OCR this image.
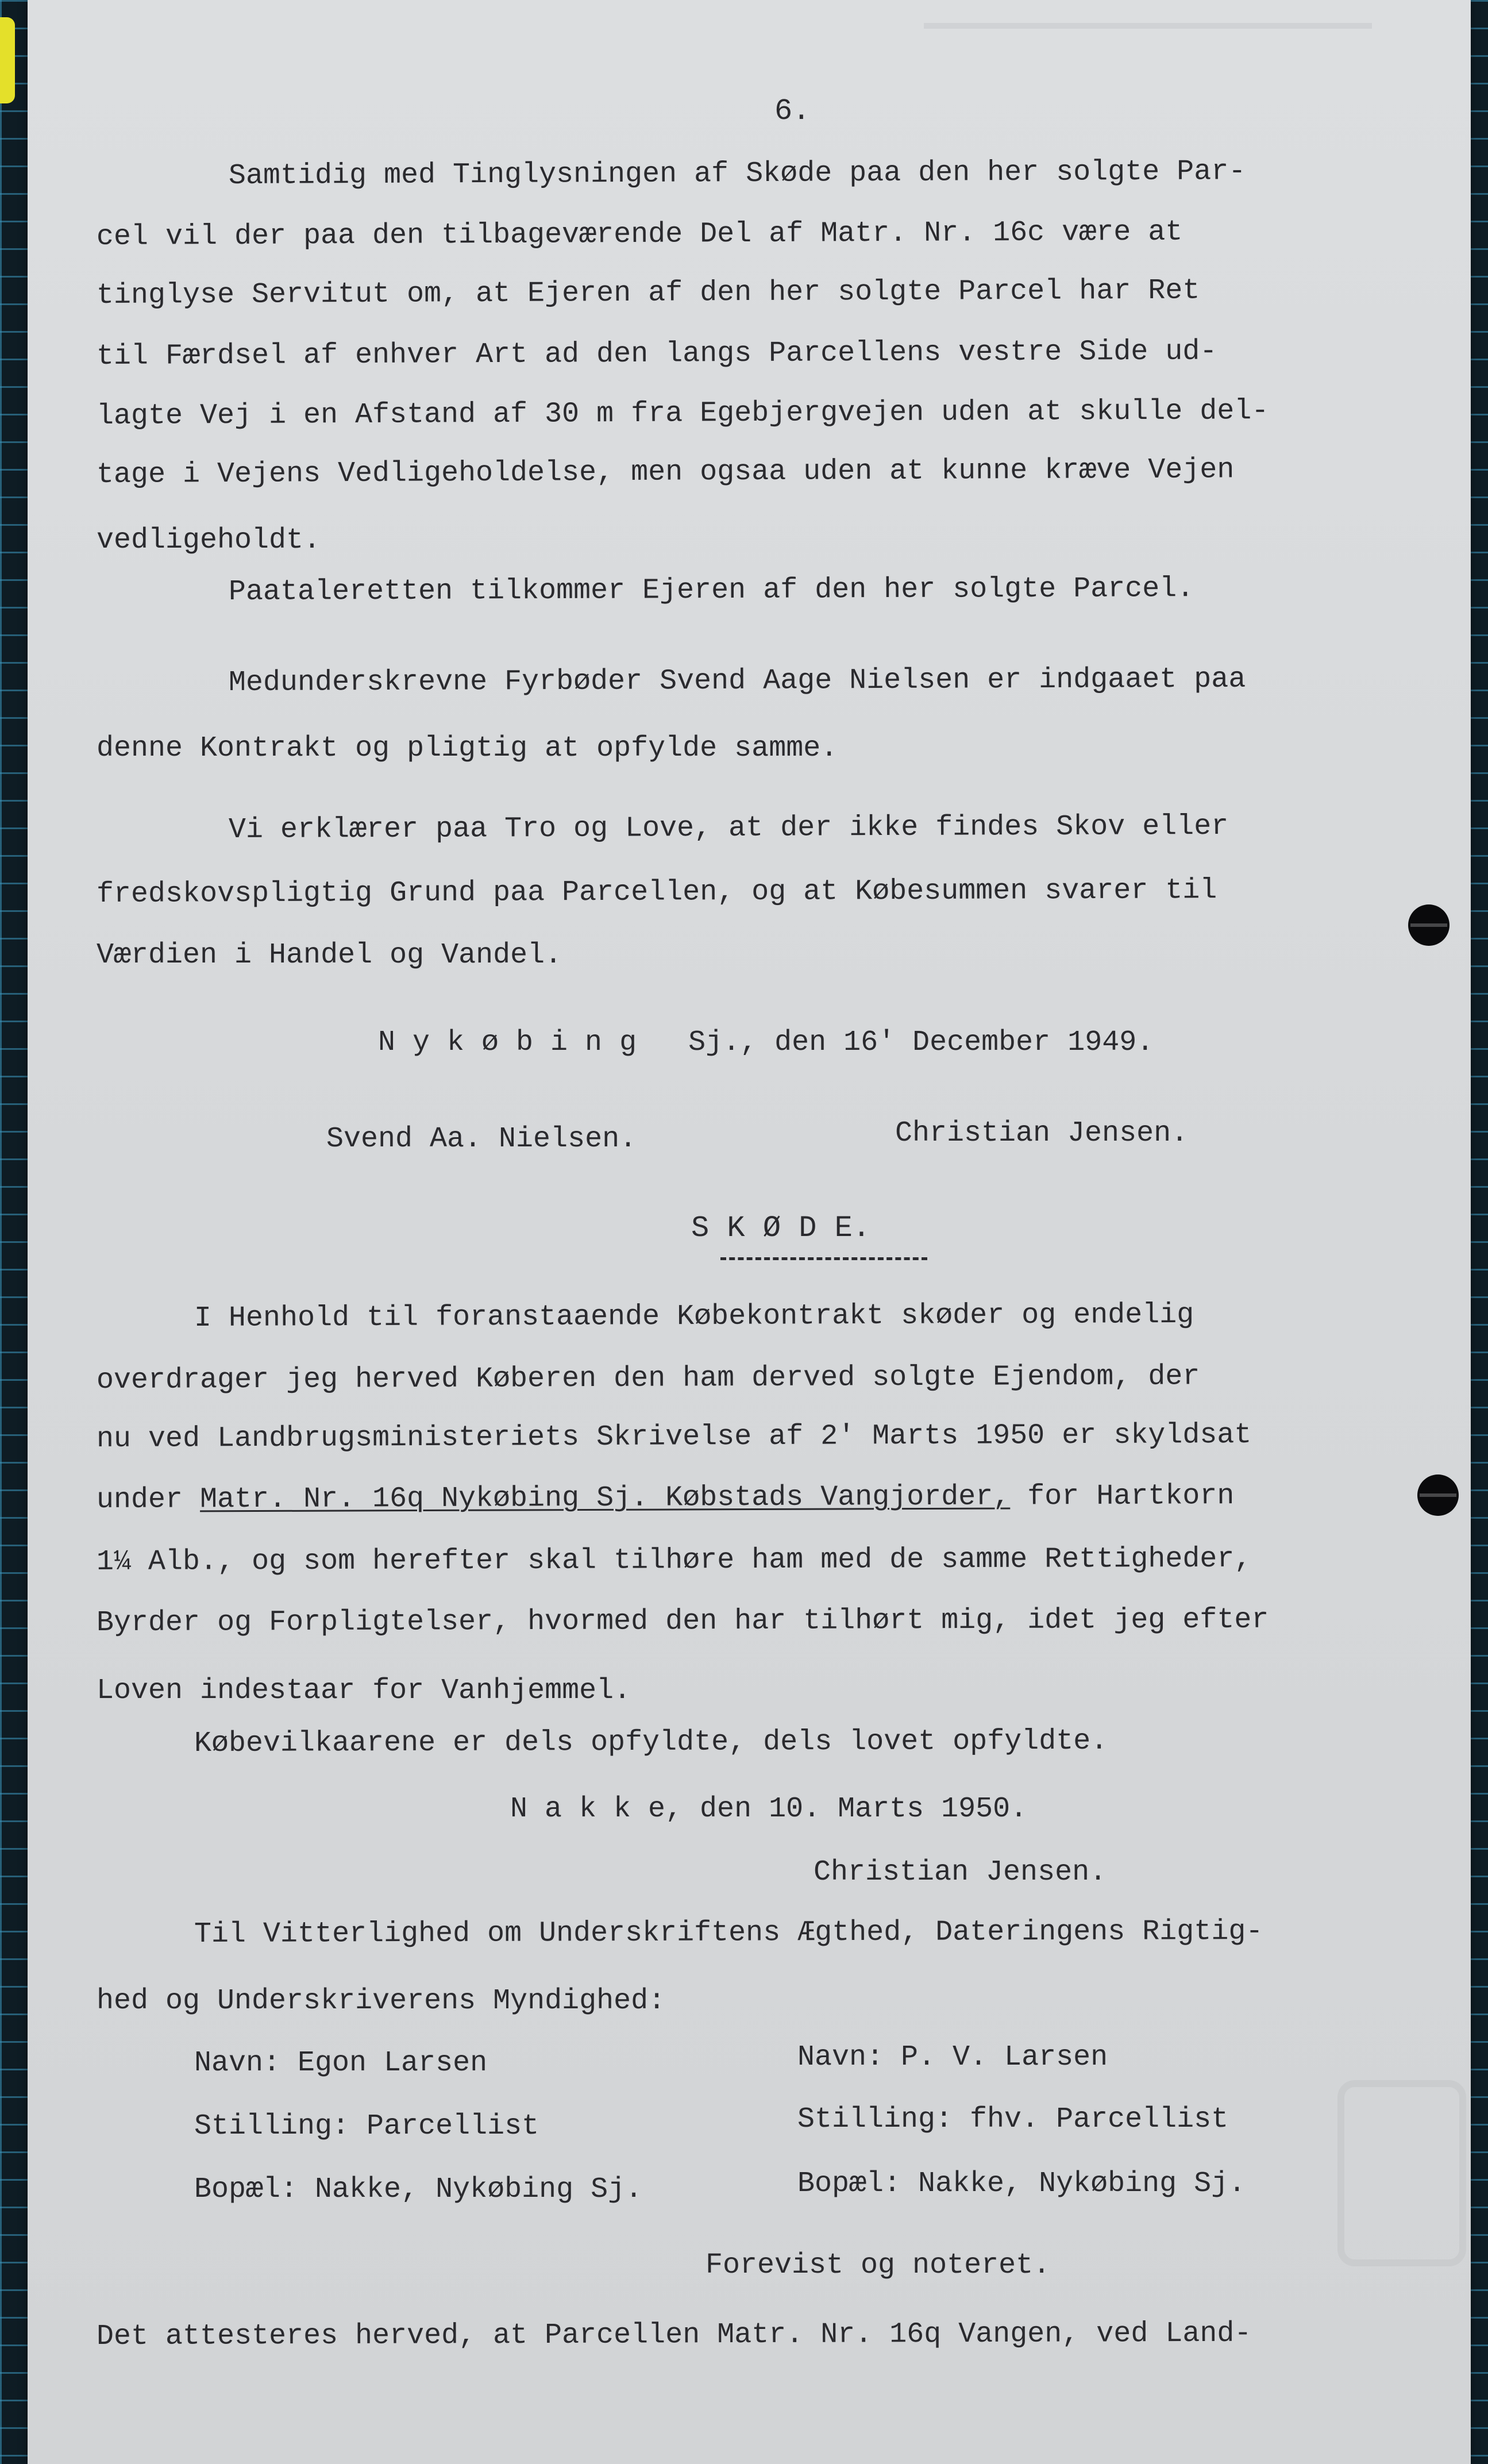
6.

Samtidig med Tinglysningen af Skøde paa den her solgte Par-

cel vil der paa den tilbageværende Del af Matr. Nr. 16c være at

tinglyse Servitut om, at Ejeren af den her solgte Parcel har Ret

til Færdsel af enhver Art ad den langs Parcellens vestre Side ud-

lagte Vej i en Afstand af 30 m fra Egebjergvejen uden at skulle del-

tage i Vejens Vedligeholdelse, men ogsaa uden at kunne kræve Vejen

vedligeholdt.

Paataleretten tilkommer Ejeren af den her solgte Parcel.

Medunderskrevne Fyrbøder Svend Aage Nielsen er indgaaet paa

denne Kontrakt og pligtig at opfylde samme.

Vi erklærer paa Tro og Love, at der ikke findes Skov eller

fredskovspligtig Grund paa Parcellen, og at Købesummen svarer til

Værdien i Handel og Vandel.

N y k ø b i n g   Sj., den 16' December 1949.

Svend Aa. Nielsen.	Christian Jensen.

S K Ø D E.

I Henhold til foranstaaende Købekontrakt skøder og endelig

overdrager jeg herved Køberen den ham derved solgte Ejendom, der

nu ved Landbrugsministeriets Skrivelse af 2' Marts 1950 er skyldsat

under Matr. Nr. 16q Nykøbing Sj. Købstads Vangjorder, for Hartkorn

1¼ Alb., og som herefter skal tilhøre ham med de samme Rettigheder,

Byrder og Forpligtelser, hvormed den har tilhørt mig, idet jeg efter

Loven indestaar for Vanhjemmel.

Købevilkaarene er dels opfyldte, dels lovet opfyldte.

N a k k e, den 10. Marts 1950.

Christian Jensen.

Til Vitterlighed om Underskriftens Ægthed, Dateringens Rigtig-

hed og Underskriverens Myndighed:

Navn: Egon Larsen	Navn: P. V. Larsen

Stilling: Parcellist	Stilling: fhv. Parcellist

Bopæl: Nakke, Nykøbing Sj.	Bopæl: Nakke, Nykøbing Sj.

Forevist og noteret.

Det attesteres herved, at Parcellen Matr. Nr. 16q Vangen, ved Land-
